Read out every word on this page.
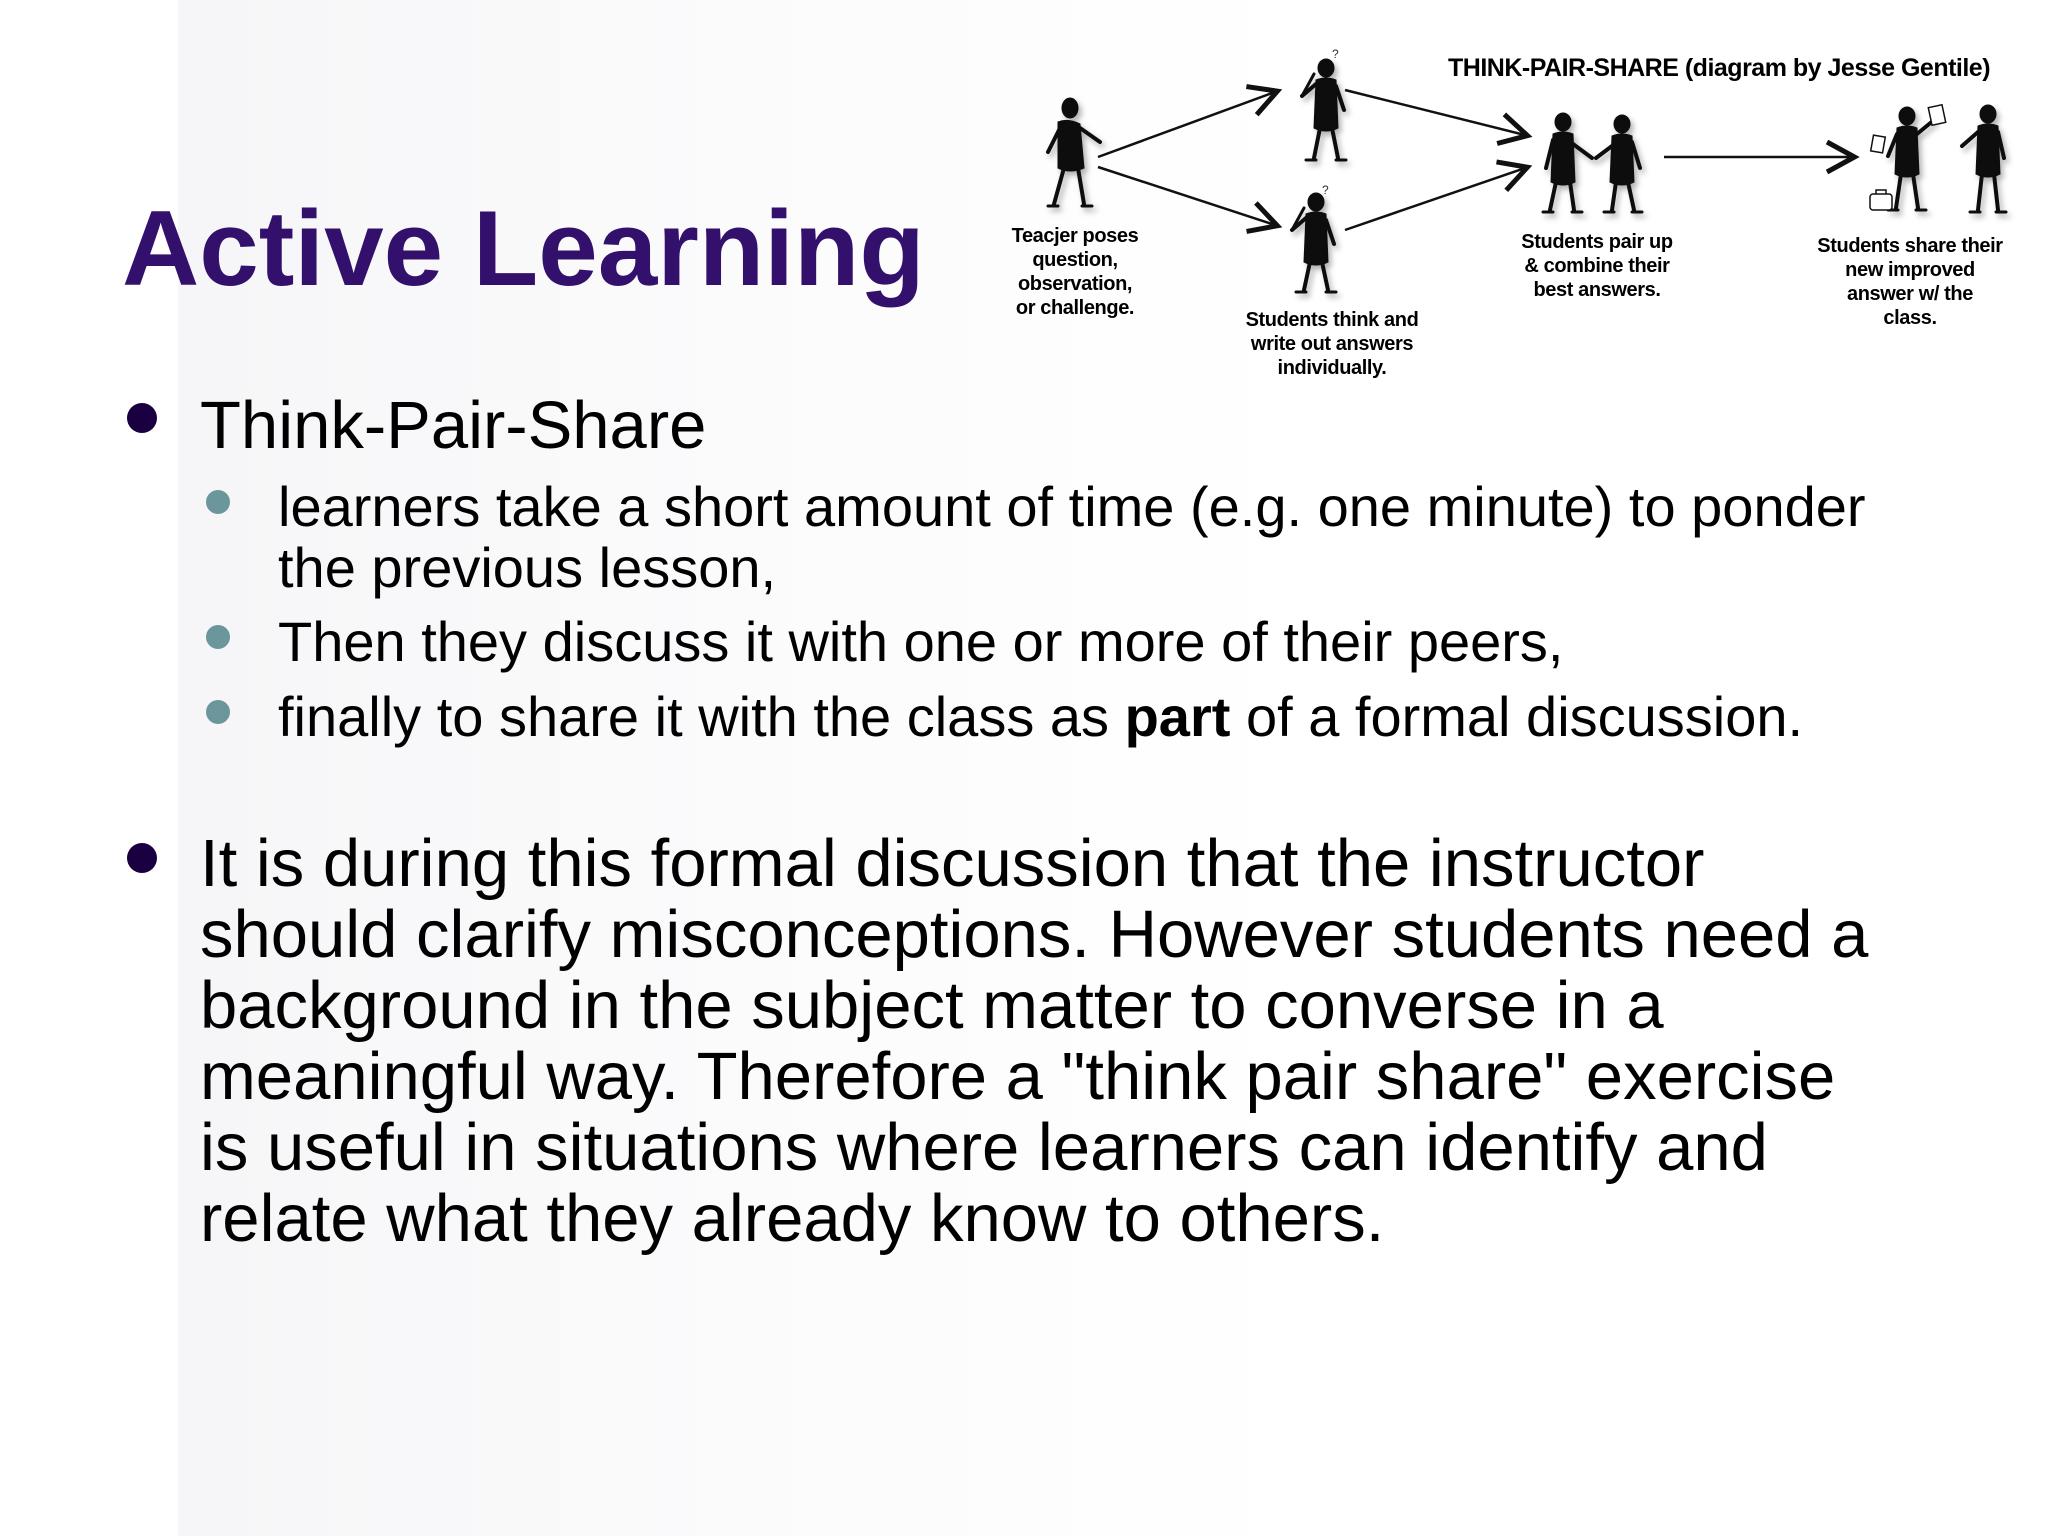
Active Learning
?
?
THINK-PAIR-SHARE (diagram by Jesse Gentile)
Teacjer poses
question,
observation,
or challenge.
Students think and
write out answers
individually.
Students pair up
& combine their
best answers.
Students share their
new improved
answer w/ the
class.
Think-Pair-Share
learners take a short amount of time (e.g. one minute) to ponder the previous lesson,
Then they discuss it with one or more of their peers,
finally to share it with the class as part of a formal discussion.
It is during this formal discussion that the instructor should clarify misconceptions. However students need a background in the subject matter to converse in a meaningful way. Therefore a "think pair share" exercise is useful in situations where learners can identify and relate what they already know to others.
